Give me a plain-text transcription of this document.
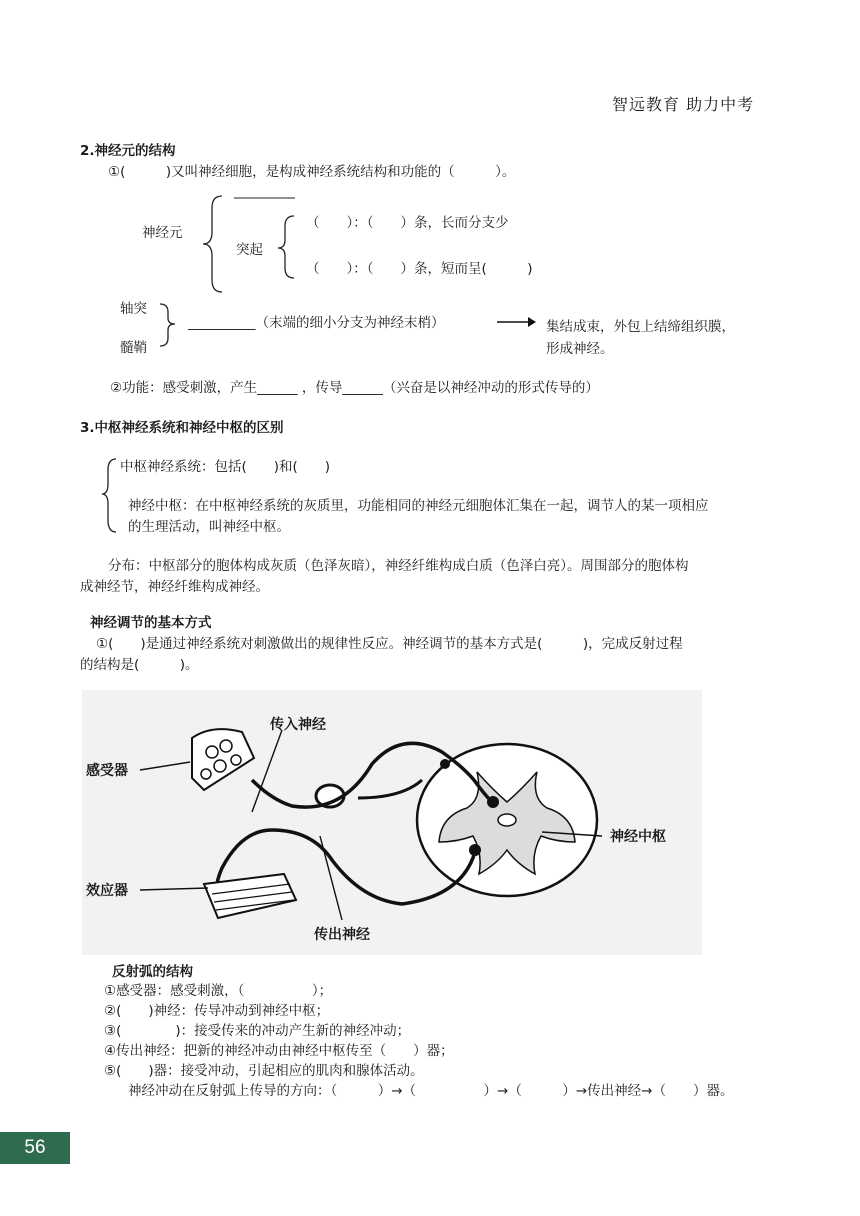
智远教育 助力中考
2.神经元的结构
①(　　　)又叫神经细胞，是构成神经系统结构和功能的（　　　）。
神经元
突起
（　　）：（　　）条，长而分支少
（　　）：（　　）条，短而呈(　　　)
轴突
髓鞘
__________（末端的细小分支为神经末梢）	集结成束，外包上结缔组织膜，
形成神经。
②功能：感受刺激，产生______ ，传导______（兴奋是以神经冲动的形式传导的）
3.中枢神经系统和神经中枢的区别
中枢神经系统：包括(　　)和(　　)
神经中枢：在中枢神经系统的灰质里，功能相同的神经元细胞体汇集在一起，调节人的某一项相应
的生理活动，叫神经中枢。
分布：中枢部分的胞体构成灰质（色泽灰暗），神经纤维构成白质（色泽白亮）。周围部分的胞体构
成神经节，神经纤维构成神经。
神经调节的基本方式
①(　　)是通过神经系统对刺激做出的规律性反应。神经调节的基本方式是(　　　)，完成反射过程
的结构是(　　　)。
传入神经
感受器
神经中枢
效应器
传出神经
反射弧的结构
①感受器：感受刺激，（　　　　　）；
②(　　)神经：传导冲动到神经中枢；
③(　　　　)：接受传来的冲动产生新的神经冲动；
④传出神经：把新的神经冲动由神经中枢传至（　　）器；
⑤(　　)器：接受冲动，引起相应的肌肉和腺体活动。
神经冲动在反射弧上传导的方向：（　　　）→（　　　　　）→（　　　）→传出神经→（　　）器。
56
